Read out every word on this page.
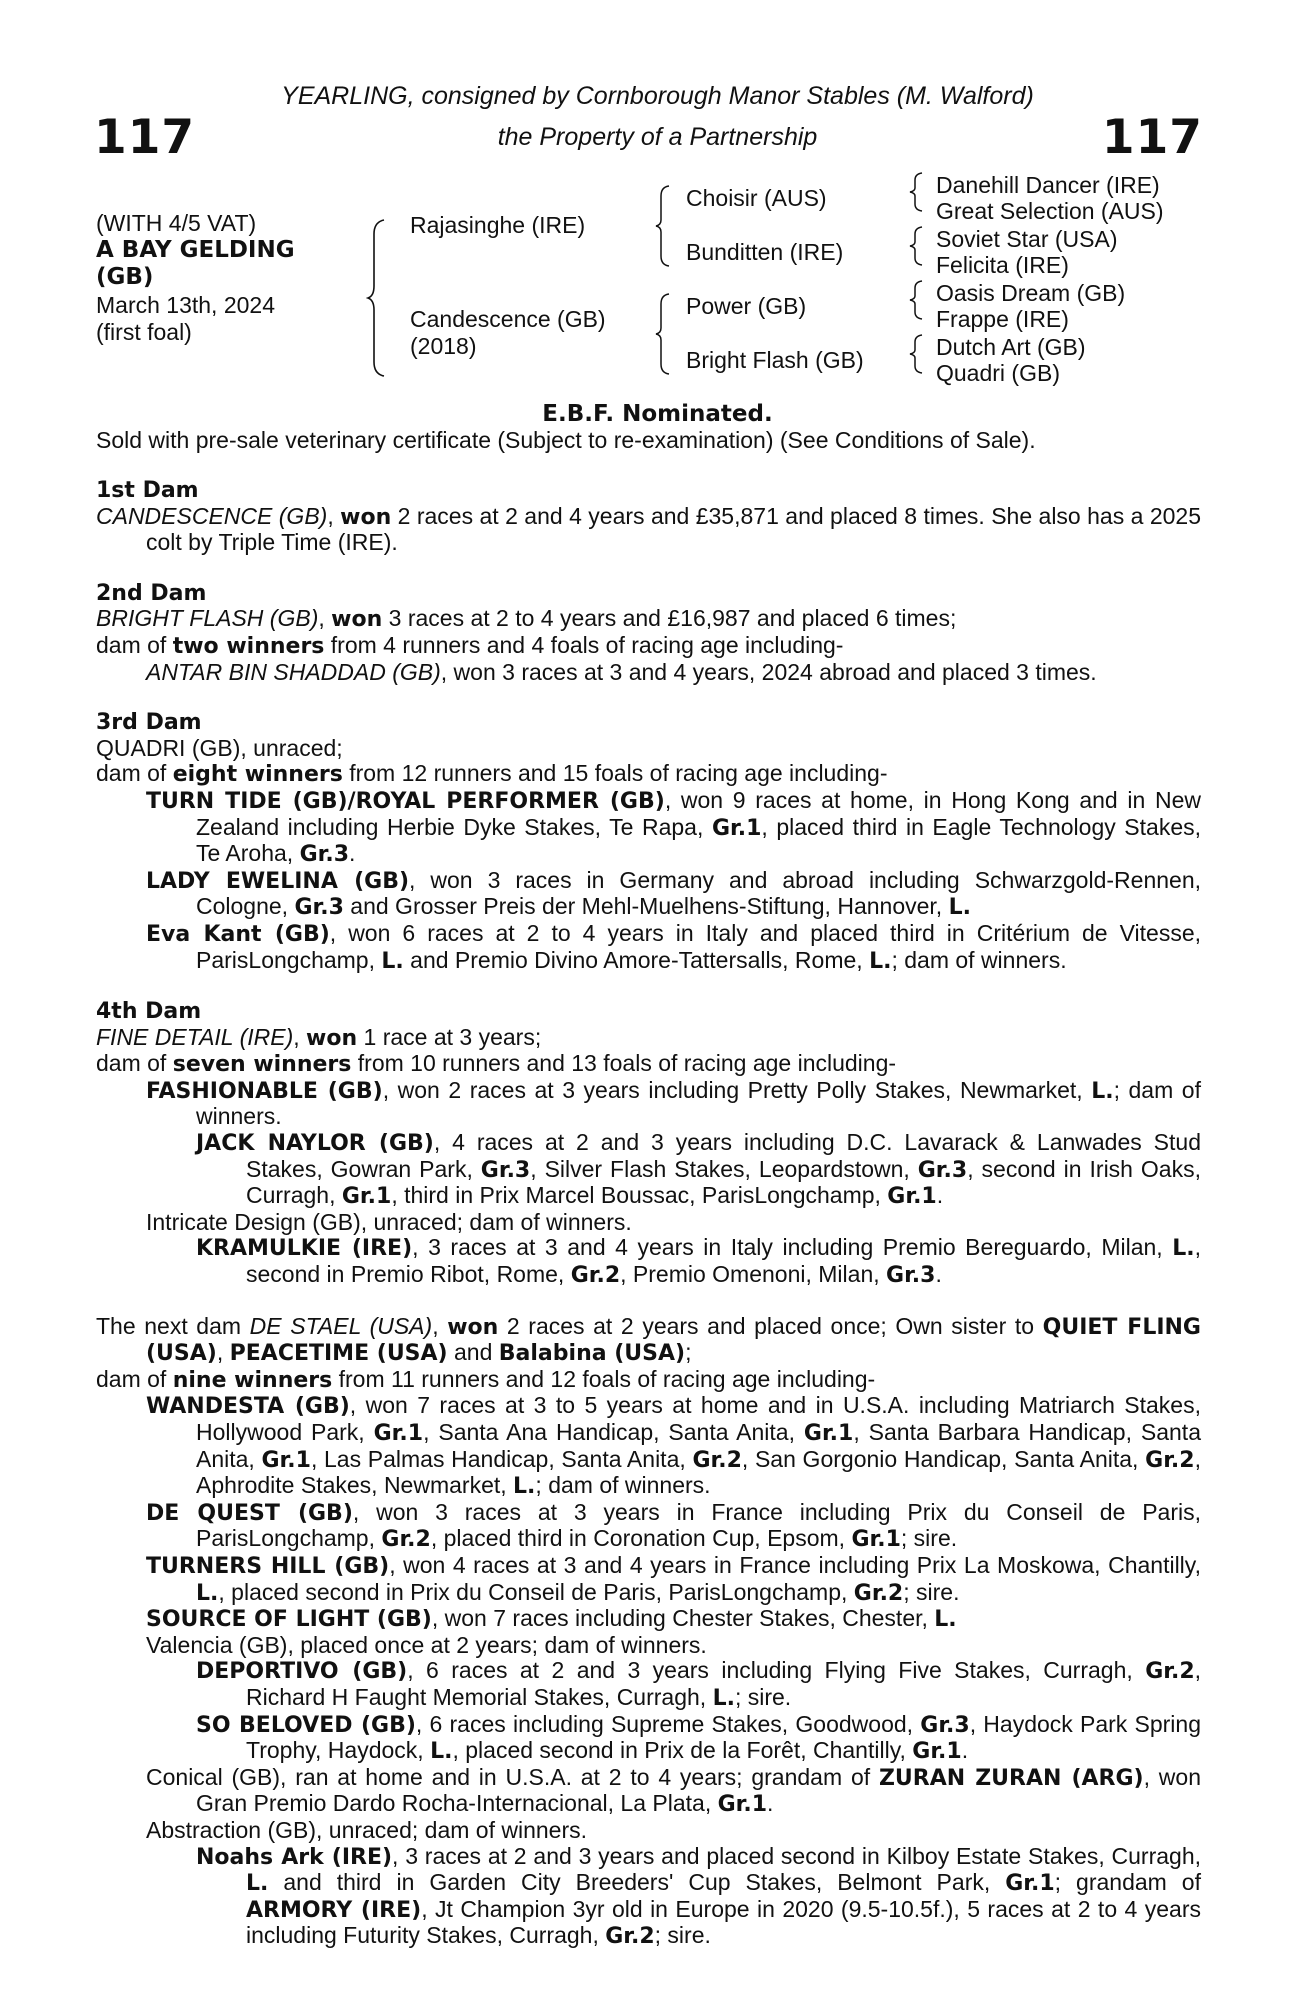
117	117
YEARLING, consigned by Cornborough Manor Stables (M. Walford)
the Property of a Partnership
(WITH 4/5 VAT)
A BAY GELDING
(GB)
March 13th, 2024
(first foal)
Rajasinghe (IRE)
Candescence (GB)
(2018)
Choisir (AUS)
Bunditten (IRE)
Power (GB)
Bright Flash (GB)
Danehill Dancer (IRE)
Great Selection (AUS)
Soviet Star (USA)
Felicita (IRE)
Oasis Dream (GB)
Frappe (IRE)
Dutch Art (GB)
Quadri (GB)
E.B.F. Nominated.
Sold with pre-sale veterinary certificate (Subject to re-examination) (See Conditions of Sale).
1st Dam
CANDESCENCE (GB), won 2 races at 2 and 4 years and £35,871 and placed 8 times. She also has a 2025 colt by Triple Time (IRE).
2nd Dam
BRIGHT FLASH (GB), won 3 races at 2 to 4 years and £16,987 and placed 6 times;
dam of two winners from 4 runners and 4 foals of racing age including-
ANTAR BIN SHADDAD (GB), won 3 races at 3 and 4 years, 2024 abroad and placed 3 times.
3rd Dam
QUADRI (GB), unraced;
dam of eight winners from 12 runners and 15 foals of racing age including-
TURN TIDE (GB)/ROYAL PERFORMER (GB), won 9 races at home, in Hong Kong and in New Zealand including Herbie Dyke Stakes, Te Rapa, Gr.1, placed third in Eagle Technology Stakes, Te Aroha, Gr.3.
LADY EWELINA (GB), won 3 races in Germany and abroad including Schwarzgold-Rennen, Cologne, Gr.3 and Grosser Preis der Mehl-Muelhens-Stiftung, Hannover, L.
Eva Kant (GB), won 6 races at 2 to 4 years in Italy and placed third in Critérium de Vitesse, ParisLongchamp, L. and Premio Divino Amore-Tattersalls, Rome, L.; dam of winners.
4th Dam
FINE DETAIL (IRE), won 1 race at 3 years;
dam of seven winners from 10 runners and 13 foals of racing age including-
FASHIONABLE (GB), won 2 races at 3 years including Pretty Polly Stakes, Newmarket, L.; dam of winners.
JACK NAYLOR (GB), 4 races at 2 and 3 years including D.C. Lavarack & Lanwades Stud Stakes, Gowran Park, Gr.3, Silver Flash Stakes, Leopardstown, Gr.3, second in Irish Oaks, Curragh, Gr.1, third in Prix Marcel Boussac, ParisLongchamp, Gr.1.
Intricate Design (GB), unraced; dam of winners.
KRAMULKIE (IRE), 3 races at 3 and 4 years in Italy including Premio Bereguardo, Milan, L., second in Premio Ribot, Rome, Gr.2, Premio Omenoni, Milan, Gr.3.
The next dam DE STAEL (USA), won 2 races at 2 years and placed once; Own sister to QUIET FLING (USA), PEACETIME (USA) and Balabina (USA);
dam of nine winners from 11 runners and 12 foals of racing age including-
WANDESTA (GB), won 7 races at 3 to 5 years at home and in U.S.A. including Matriarch Stakes, Hollywood Park, Gr.1, Santa Ana Handicap, Santa Anita, Gr.1, Santa Barbara Handicap, Santa Anita, Gr.1, Las Palmas Handicap, Santa Anita, Gr.2, San Gorgonio Handicap, Santa Anita, Gr.2, Aphrodite Stakes, Newmarket, L.; dam of winners.
DE QUEST (GB), won 3 races at 3 years in France including Prix du Conseil de Paris, ParisLongchamp, Gr.2, placed third in Coronation Cup, Epsom, Gr.1; sire.
TURNERS HILL (GB), won 4 races at 3 and 4 years in France including Prix La Moskowa, Chantilly, L., placed second in Prix du Conseil de Paris, ParisLongchamp, Gr.2; sire.
SOURCE OF LIGHT (GB), won 7 races including Chester Stakes, Chester, L.
Valencia (GB), placed once at 2 years; dam of winners.
DEPORTIVO (GB), 6 races at 2 and 3 years including Flying Five Stakes, Curragh, Gr.2, Richard H Faught Memorial Stakes, Curragh, L.; sire.
SO BELOVED (GB), 6 races including Supreme Stakes, Goodwood, Gr.3, Haydock Park Spring Trophy, Haydock, L., placed second in Prix de la Forêt, Chantilly, Gr.1.
Conical (GB), ran at home and in U.S.A. at 2 to 4 years; grandam of ZURAN ZURAN (ARG), won Gran Premio Dardo Rocha-Internacional, La Plata, Gr.1.
Abstraction (GB), unraced; dam of winners.
Noahs Ark (IRE), 3 races at 2 and 3 years and placed second in Kilboy Estate Stakes, Curragh, L. and third in Garden City Breeders' Cup Stakes, Belmont Park, Gr.1; grandam of ARMORY (IRE), Jt Champion 3yr old in Europe in 2020 (9.5-10.5f.), 5 races at 2 to 4 years including Futurity Stakes, Curragh, Gr.2; sire.
